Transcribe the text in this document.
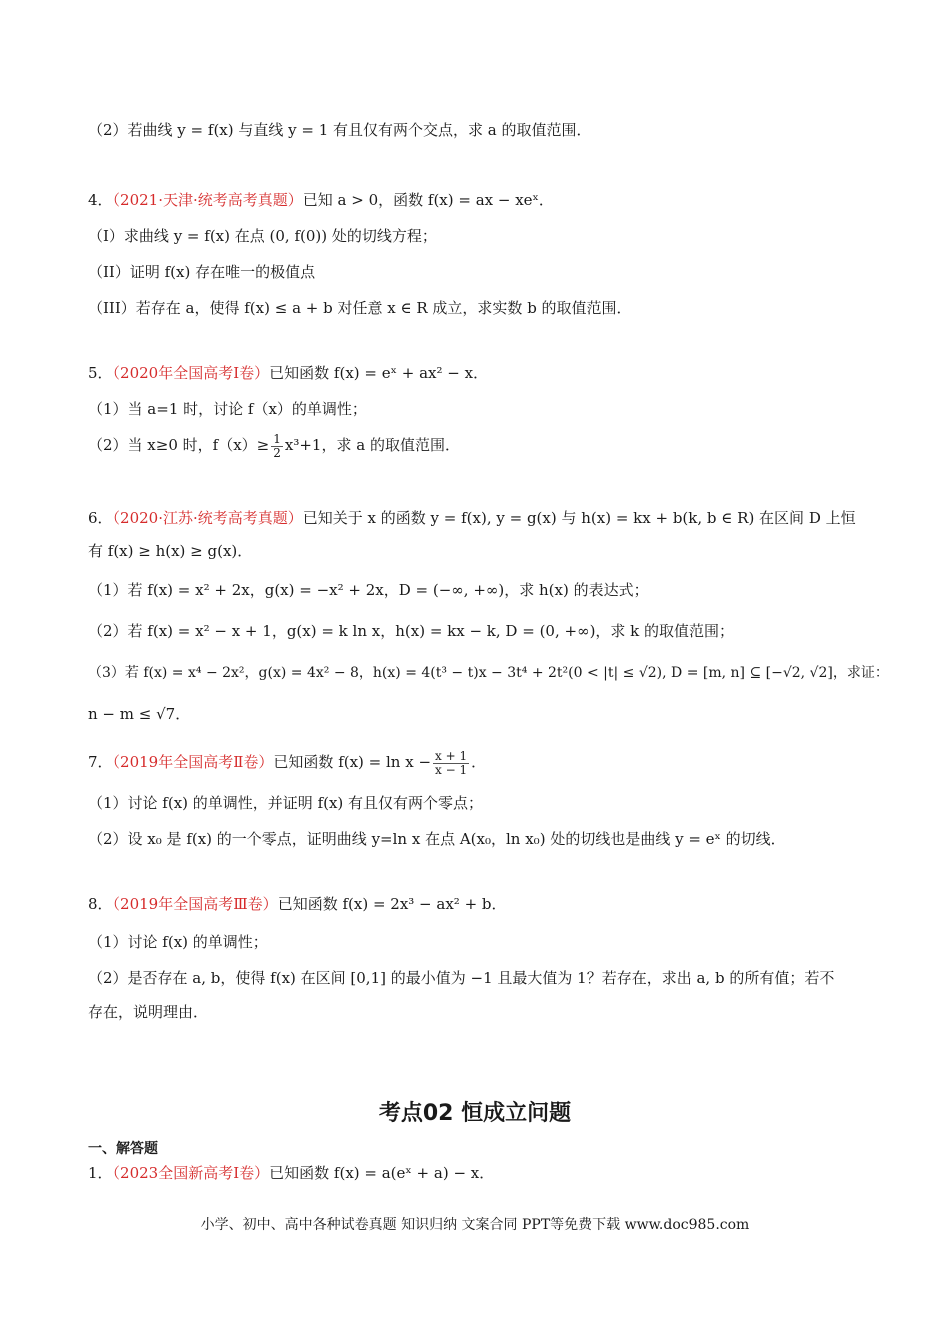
（2）若曲线 y = f(x) 与直线 y = 1 有且仅有两个交点，求 a 的取值范围．
4．（2021·天津·统考高考真题）已知 a > 0，函数 f(x) = ax − xeˣ．
（I）求曲线 y = f(x) 在点 (0, f(0)) 处的切线方程；
（II）证明 f(x) 存在唯一的极值点
（III）若存在 a，使得 f(x) ≤ a + b 对任意 x ∈ R 成立，求实数 b 的取值范围．
5．（2020年全国高考Ⅰ卷）已知函数 f(x) = eˣ + ax² − x．
（1）当 a=1 时，讨论 f（x）的单调性；
（2）当 x≥0 时，$f(x)\ge \frac{1}{2} x^3+1$，求 a 的取值范围．
6．（2020·江苏·统考高考真题）已知关于 x 的函数 y = f(x), y = g(x) 与 h(x) = kx + b(k, b ∈ R) 在区间 D 上恒
有 f(x) ≥ h(x) ≥ g(x)．
（1）若 f(x) = x² + 2x，g(x) = −x² + 2x，D = (−∞, +∞)，求 h(x) 的表达式；
（2）若 f(x) = x² − x + 1，g(x) = k ln x，h(x) = kx − k, D = (0, +∞)，求 k 的取值范围；
（3）若 f(x) = x⁴ − 2x²，g(x) = 4x² − 8，h(x) = 4(t³ − t)x − 3t⁴ + 2t²(0 < |t| ≤ √2), D = [m, n] ⊆ [−√2, √2]，求证：
n − m ≤ √7．
7．（2019年全国高考Ⅱ卷）已知函数 $f(x) = \ln x - \frac{x + 1}{x - 1}$ ．
（1）讨论 f(x) 的单调性，并证明 f(x) 有且仅有两个零点；
（2）设 x₀ 是 f(x) 的一个零点，证明曲线 y=ln x 在点 A(x₀，ln x₀) 处的切线也是曲线 y = eˣ 的切线．
8．（2019年全国高考Ⅲ卷）已知函数 f(x) = 2x³ − ax² + b．
（1）讨论 f(x) 的单调性；
（2）是否存在 a, b，使得 f(x) 在区间 [0,1] 的最小值为 −1 且最大值为 1？若存在，求出 a, b 的所有值；若不
存在，说明理由．
考点02 恒成立问题
一、解答题
1．（2023全国新高考Ⅰ卷）已知函数 f(x) = a(eˣ + a) − x．
小学、初中、高中各种试卷真题 知识归纳 文案合同 PPT等免费下载 www.doc985.com
